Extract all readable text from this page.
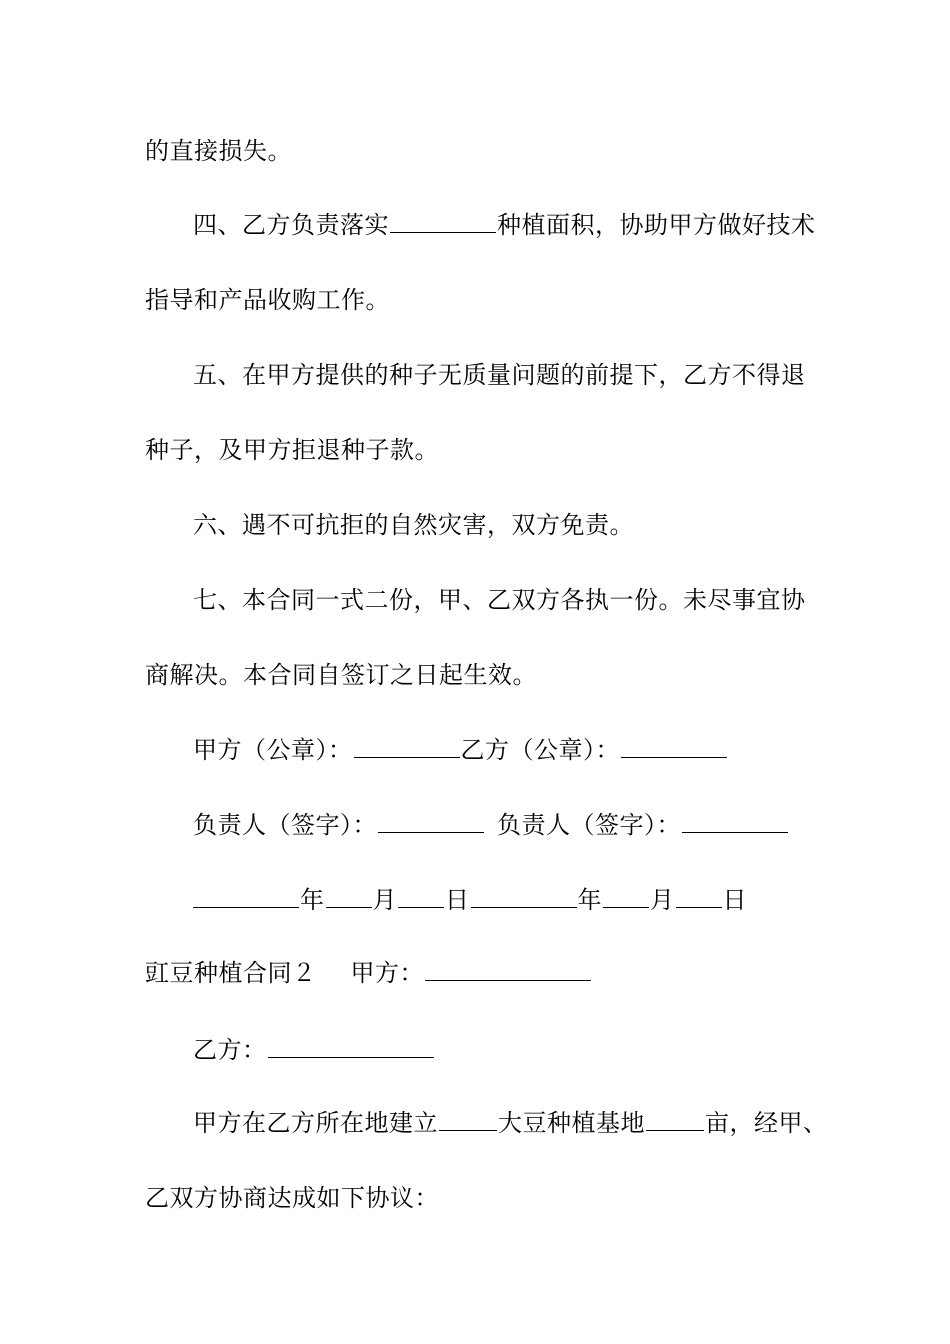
的直接损失。
四、乙方负责落实	种植面积，协助甲方做好技术
指导和产品收购工作。
五、在甲方提供的种子无质量问题的前提下，乙方不得退
种子，及甲方拒退种子款。
六、遇不可抗拒的自然灾害，双方免责。
七、本合同一式二份，甲、乙双方各执一份。未尽事宜协
商解决。本合同自签订之日起生效。
甲方（公章）：	乙方（公章）：
负责人（签字）：	负责人（签字）：
年 月 日	年 月 日
豇豆种植合同２ 甲方：
乙方：
甲方在乙方所在地建立	大豆种植基地	亩，经甲、
乙双方协商达成如下协议：
